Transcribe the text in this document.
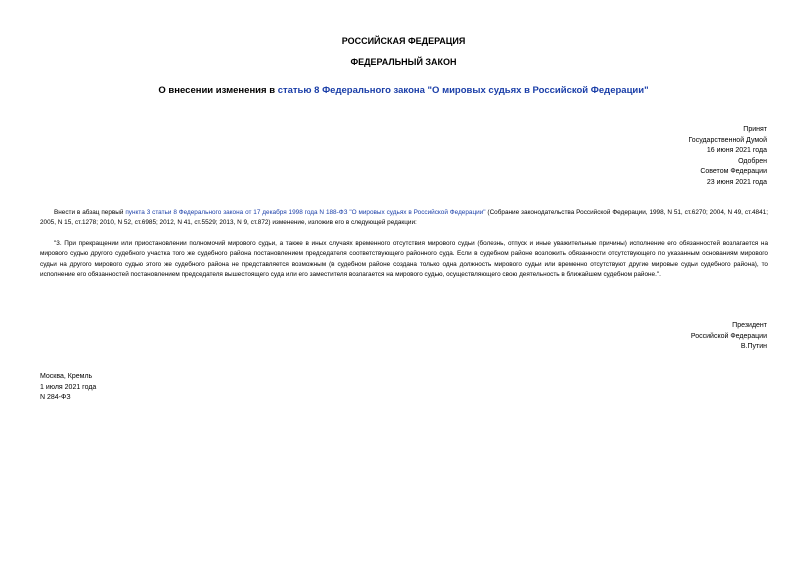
РОССИЙСКАЯ ФЕДЕРАЦИЯ
ФЕДЕРАЛЬНЫЙ ЗАКОН
О внесении изменения в статью 8 Федерального закона "О мировых судьях в Российской Федерации"
Принят
Государственной Думой
16 июня 2021 года
Одобрен
Советом Федерации
23 июня 2021 года
Внести в абзац первый пункта 3 статьи 8 Федерального закона от 17 декабря 1998 года N 188-ФЗ "О мировых судьях в Российской Федерации" (Собрание законодательства Российской Федерации, 1998, N 51, ст.6270; 2004, N 49, ст.4841; 2005, N 15, ст.1278; 2010, N 52, ст.6985; 2012, N 41, ст.5529; 2013, N 9, ст.872) изменение, изложив его в следующей редакции:
"3. При прекращении или приостановлении полномочий мирового судьи, а также в иных случаях временного отсутствия мирового судьи (болезнь, отпуск и иные уважительные причины) исполнение его обязанностей возлагается на мирового судью другого судебного участка того же судебного района постановлением председателя соответствующего районного суда. Если в судебном районе возложить обязанности отсутствующего по указанным основаниям мирового судьи на другого мирового судью этого же судебного района не представляется возможным (в судебном районе создана только одна должность мирового судьи или временно отсутствуют другие мировые судьи судебного района), то исполнение его обязанностей постановлением председателя вышестоящего суда или его заместителя возлагается на мирового судью, осуществляющего свою деятельность в ближайшем судебном районе.".
Президент
Российской Федерации
В.Путин
Москва, Кремль
1 июля 2021 года
N 284-ФЗ
